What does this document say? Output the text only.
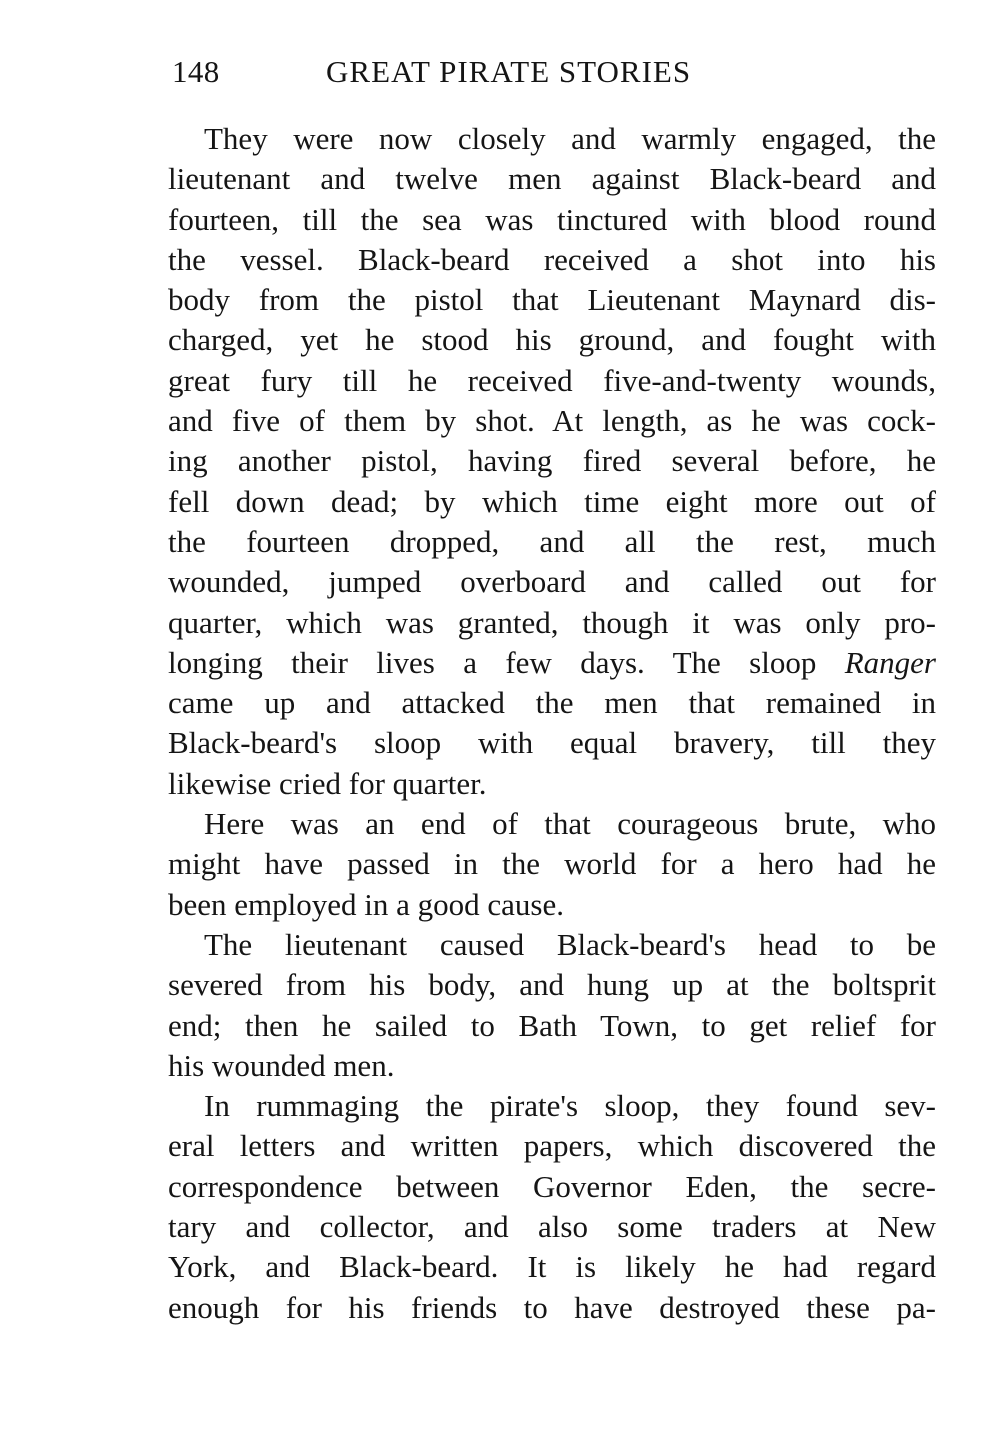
148	GREAT PIRATE STORIES
They were now closely and warmly engaged, the
lieutenant and twelve men against Black-beard and
fourteen, till the sea was tinctured with blood round
the vessel. Black-beard received a shot into his
body from the pistol that Lieutenant Maynard dis-
charged, yet he stood his ground, and fought with
great fury till he received five-and-twenty wounds,
and five of them by shot. At length, as he was cock-
ing another pistol, having fired several before, he
fell down dead; by which time eight more out of
the fourteen dropped, and all the rest, much
wounded, jumped overboard and called out for
quarter, which was granted, though it was only pro-
longing their lives a few days. The sloop Ranger
came up and attacked the men that remained in
Black-beard's sloop with equal bravery, till they
likewise cried for quarter.
Here was an end of that courageous brute, who
might have passed in the world for a hero had he
been employed in a good cause.
The lieutenant caused Black-beard's head to be
severed from his body, and hung up at the boltsprit
end; then he sailed to Bath Town, to get relief for
his wounded men.
In rummaging the pirate's sloop, they found sev-
eral letters and written papers, which discovered the
correspondence between Governor Eden, the secre-
tary and collector, and also some traders at New
York, and Black-beard. It is likely he had regard
enough for his friends to have destroyed these pa-
